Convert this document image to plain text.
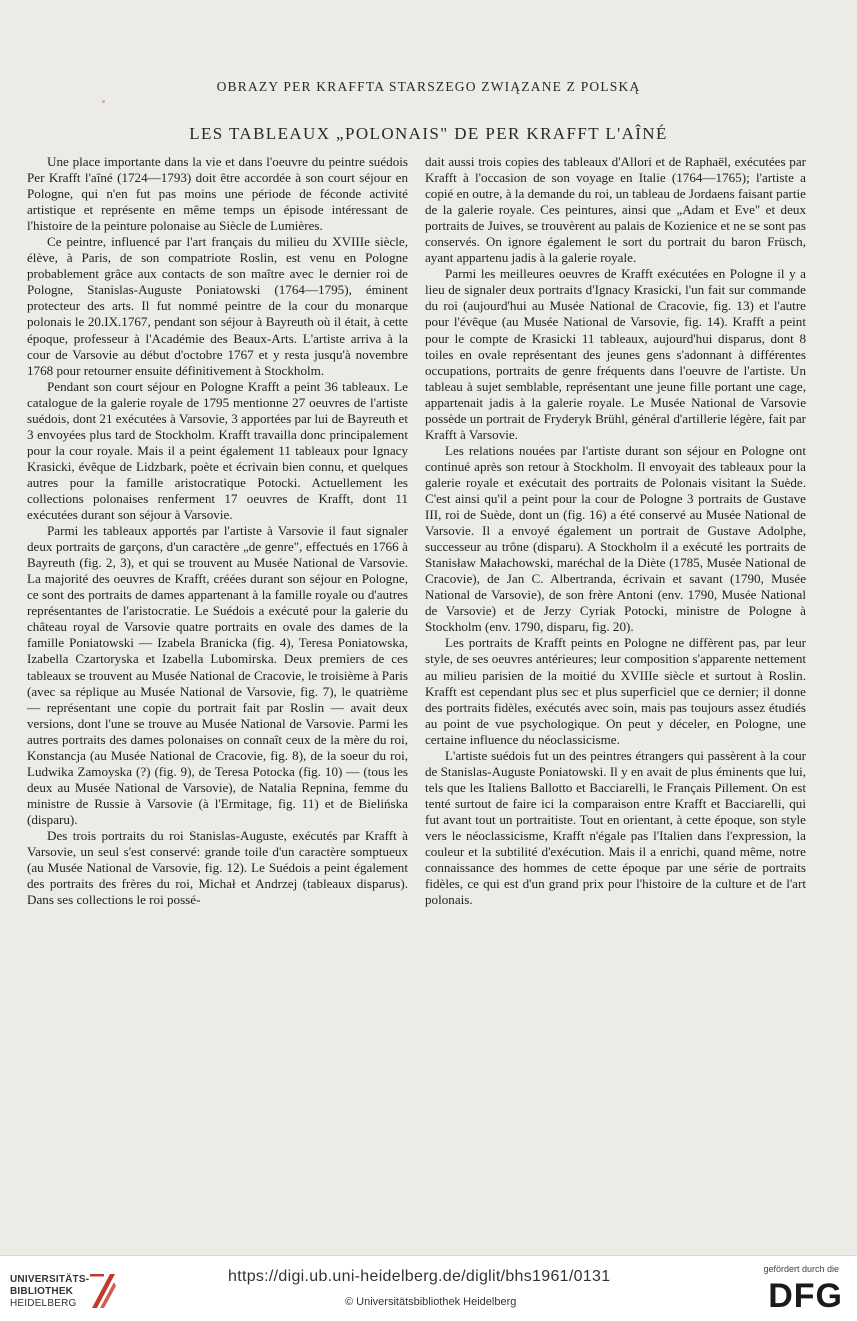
OBRAZY PER KRAFFTA STARSZEGO ZWIĄZANE Z POLSKĄ
LES TABLEAUX „POLONAIS" DE PER KRAFFT L'AÎNÉ

Une place importante dans la vie et dans l'oeuvre du peintre suédois Per Krafft l'aîné (1724—1793) doit être accordée à son court séjour en Pologne, qui n'en fut pas moins une période de féconde activité artistique et représente en même temps un épisode intéressant de l'histoire de la peinture polonaise au Siècle de Lumières.

Ce peintre, influencé par l'art français du milieu du XVIIIe siècle, élève, à Paris, de son compatriote Roslin, est venu en Pologne probablement grâce aux contacts de son maître avec le dernier roi de Pologne, Stanislas-Auguste Poniatowski (1764—1795), éminent protecteur des arts. Il fut nommé peintre de la cour du monarque polonais le 20.IX.1767, pendant son séjour à Bayreuth où il était, à cette époque, professeur à l'Académie des Beaux-Arts. L'artiste arriva à la cour de Varsovie au début d'octobre 1767 et y resta jusqu'à novembre 1768 pour retourner ensuite définitivement à Stockholm.

Pendant son court séjour en Pologne Krafft a peint 36 tableaux. Le catalogue de la galerie royale de 1795 mentionne 27 oeuvres de l'artiste suédois, dont 21 exécutées à Varsovie, 3 apportées par lui de Bayreuth et 3 envoyées plus tard de Stockholm. Krafft travailla donc principalement pour la cour royale. Mais il a peint également 11 tableaux pour Ignacy Krasicki, évêque de Lidzbark, poète et écrivain bien connu, et quelques autres pour la famille aristocratique Potocki. Actuellement les collections polonaises renferment 17 oeuvres de Krafft, dont 11 exécutées durant son séjour à Varsovie.

Parmi les tableaux apportés par l'artiste à Varsovie il faut signaler deux portraits de garçons, d'un caractère „de genre", effectués en 1766 à Bayreuth (fig. 2, 3), et qui se trouvent au Musée National de Varsovie. La majorité des oeuvres de Krafft, créées durant son séjour en Pologne, ce sont des portraits de dames appartenant à la famille royale ou d'autres représentantes de l'aristocratie. Le Suédois a exécuté pour la galerie du château royal de Varsovie quatre portraits en ovale des dames de la famille Poniatowski — Izabela Branicka (fig. 4), Teresa Poniatowska, Izabella Czartoryska et Izabella Lubomirska. Deux premiers de ces tableaux se trouvent au Musée National de Cracovie, le troisième à Paris (avec sa réplique au Musée National de Varsovie, fig. 7), le quatrième — représentant une copie du portrait fait par Roslin — avait deux versions, dont l'une se trouve au Musée National de Varsovie. Parmi les autres portraits des dames polonaises on connaît ceux de la mère du roi, Konstancja (au Musée National de Cracovie, fig. 8), de la soeur du roi, Ludwika Zamoyska (?) (fig. 9), de Teresa Potocka (fig. 10) — (tous les deux au Musée National de Varsovie), de Natalia Repnina, femme du ministre de Russie à Varsovie (à l'Ermitage, fig. 11) et de Bielińska (disparu).

Des trois portraits du roi Stanislas-Auguste, exécutés par Krafft à Varsovie, un seul s'est conservé: grande toile d'un caractère somptueux (au Musée National de Varsovie, fig. 12). Le Suédois a peint également des portraits des frères du roi, Michał et Andrzej (tableaux disparus). Dans ses collections le roi possé-

dait aussi trois copies des tableaux d'Allori et de Raphaël, exécutées par Krafft à l'occasion de son voyage en Italie (1764—1765); l'artiste a copié en outre, à la demande du roi, un tableau de Jordaens faisant partie de la galerie royale. Ces peintures, ainsi que „Adam et Eve" et deux portraits de Juives, se trouvèrent au palais de Kozienice et ne se sont pas conservés. On ignore également le sort du portrait du baron Früsch, ayant appartenu jadis à la galerie royale.

Parmi les meilleures oeuvres de Krafft exécutées en Pologne il y a lieu de signaler deux portraits d'Ignacy Krasicki, l'un fait sur commande du roi (aujourd'hui au Musée National de Cracovie, fig. 13) et l'autre pour l'évêque (au Musée National de Varsovie, fig. 14). Krafft a peint pour le compte de Krasicki 11 tableaux, aujourd'hui disparus, dont 8 toiles en ovale représentant des jeunes gens s'adonnant à différentes occupations, portraits de genre fréquents dans l'oeuvre de l'artiste. Un tableau à sujet semblable, représentant une jeune fille portant une cage, appartenait jadis à la galerie royale. Le Musée National de Varsovie possède un portrait de Fryderyk Brühl, général d'artillerie légère, fait par Krafft à Varsovie.

Les relations nouées par l'artiste durant son séjour en Pologne ont continué après son retour à Stockholm. Il envoyait des tableaux pour la galerie royale et exécutait des portraits de Polonais visitant la Suède. C'est ainsi qu'il a peint pour la cour de Pologne 3 portraits de Gustave III, roi de Suède, dont un (fig. 16) a été conservé au Musée National de Varsovie. Il a envoyé également un portrait de Gustave Adolphe, successeur au trône (disparu). A Stockholm il a exécuté les portraits de Stanisław Małachowski, maréchal de la Diète (1785, Musée National de Cracovie), de Jan C. Albertranda, écrivain et savant (1790, Musée National de Varsovie), de son frère Antoni (env. 1790, Musée National de Varsovie) et de Jerzy Cyriak Potocki, ministre de Pologne à Stockholm (env. 1790, disparu, fig. 20).

Les portraits de Krafft peints en Pologne ne diffèrent pas, par leur style, de ses oeuvres antérieures; leur composition s'apparente nettement au milieu parisien de la moitié du XVIIIe siècle et surtout à Roslin. Krafft est cependant plus sec et plus superficiel que ce dernier; il donne des portraits fidèles, exécutés avec soin, mais pas toujours assez étudiés au point de vue psychologique. On peut y déceler, en Pologne, une certaine influence du néoclassicisme.

L'artiste suédois fut un des peintres étrangers qui passèrent à la cour de Stanislas-Auguste Poniatowski. Il y en avait de plus éminents que lui, tels que les Italiens Ballotto et Bacciarelli, le Français Pillement. On est tenté surtout de faire ici la comparaison entre Krafft et Bacciarelli, qui fut avant tout un portraitiste. Tout en orientant, à cette époque, son style vers le néoclassicisme, Krafft n'égale pas l'Italien dans l'expression, la couleur et la subtilité d'exécution. Mais il a enrichi, quand même, notre connaissance des hommes de cette époque par une série de portraits fidèles, ce qui est d'un grand prix pour l'histoire de la culture et de l'art polonais.

UNIVERSITÄTS-
BIBLIOTHEK
HEIDELBERG
https://digi.ub.uni-heidelberg.de/diglit/bhs1961/0131
© Universitätsbibliothek Heidelberg
gefördert durch die
DFG
